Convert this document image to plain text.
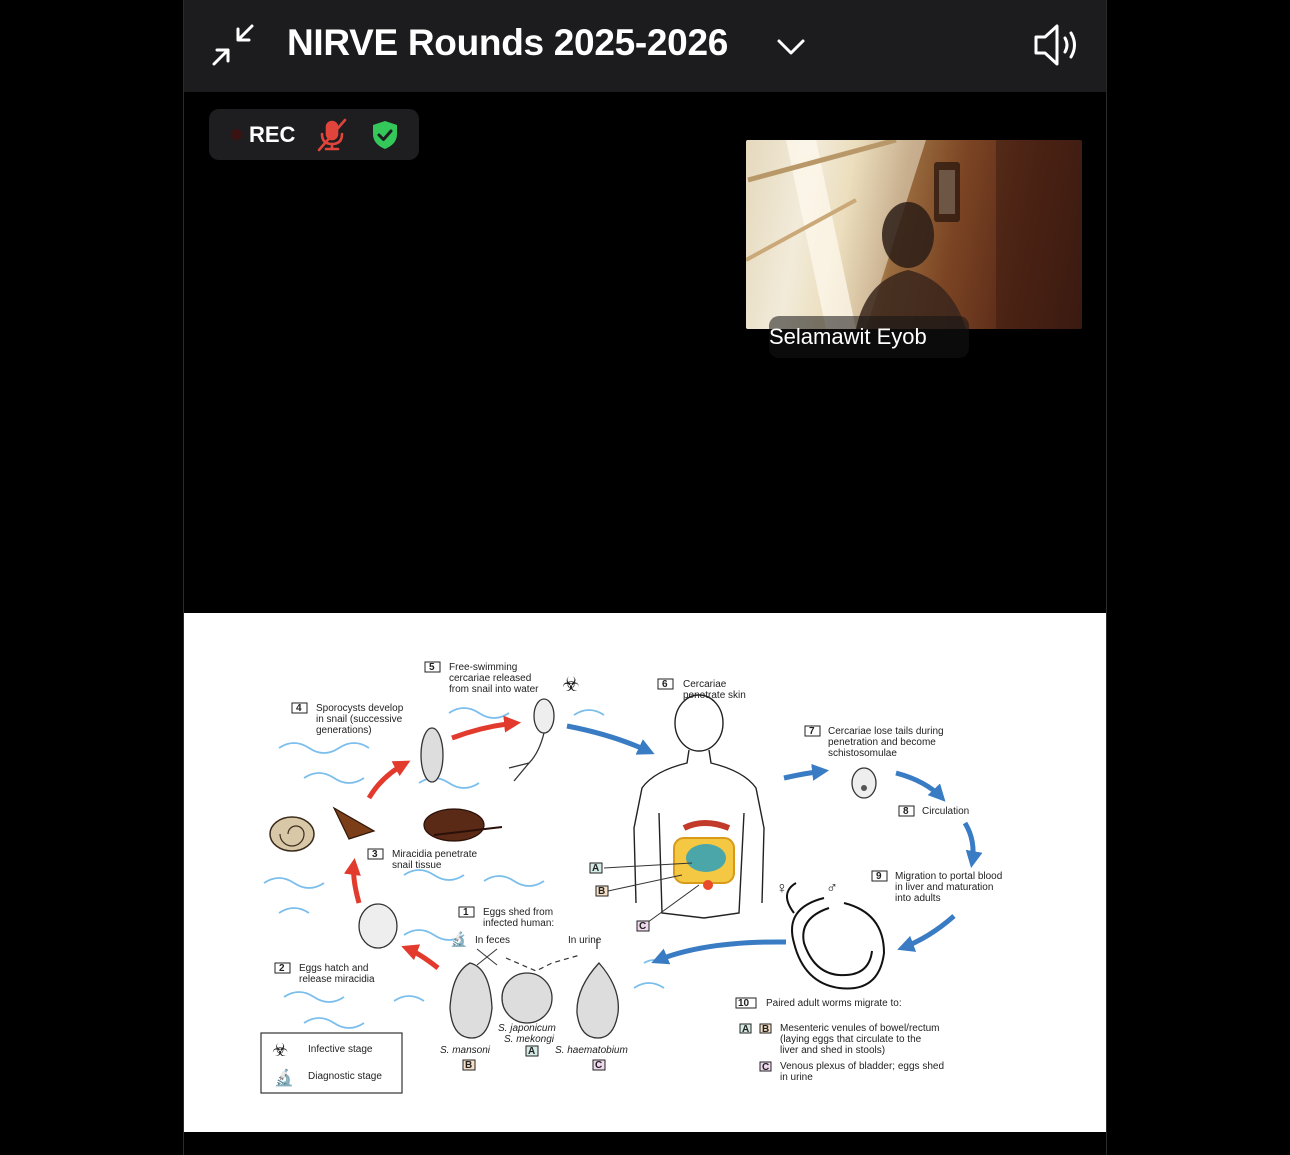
NIRVE Rounds 2025-2026
REC
Selamawit Eyob
5 Free-swimming
cercariae released
from snail into water ☣
4 Sporocysts develop
in snail (successive
generations)
6 Cercariae
penetrate skin
7 Cercariae lose tails during
penetration and become
schistosomulae
8 Circulation
9 Migration to portal blood
in liver and maturation
into adults
♀ ♂
3 Miracidia penetrate
snail tissue
1 Eggs shed from
infected human:
🔬 In feces	In urine
2 Eggs hatch and
release miracidia
10 Paired adult worms migrate to:
A B Mesenteric venules of bowel/rectum
(laying eggs that circulate to the
liver and shed in stools)
C Venous plexus of bladder; eggs shed
in urine
A
B
C
S. mansoni
B
S. japonicum
S. mekongi
A S. haematobium
C
☣ Infective stage
🔬 Diagnostic stage
